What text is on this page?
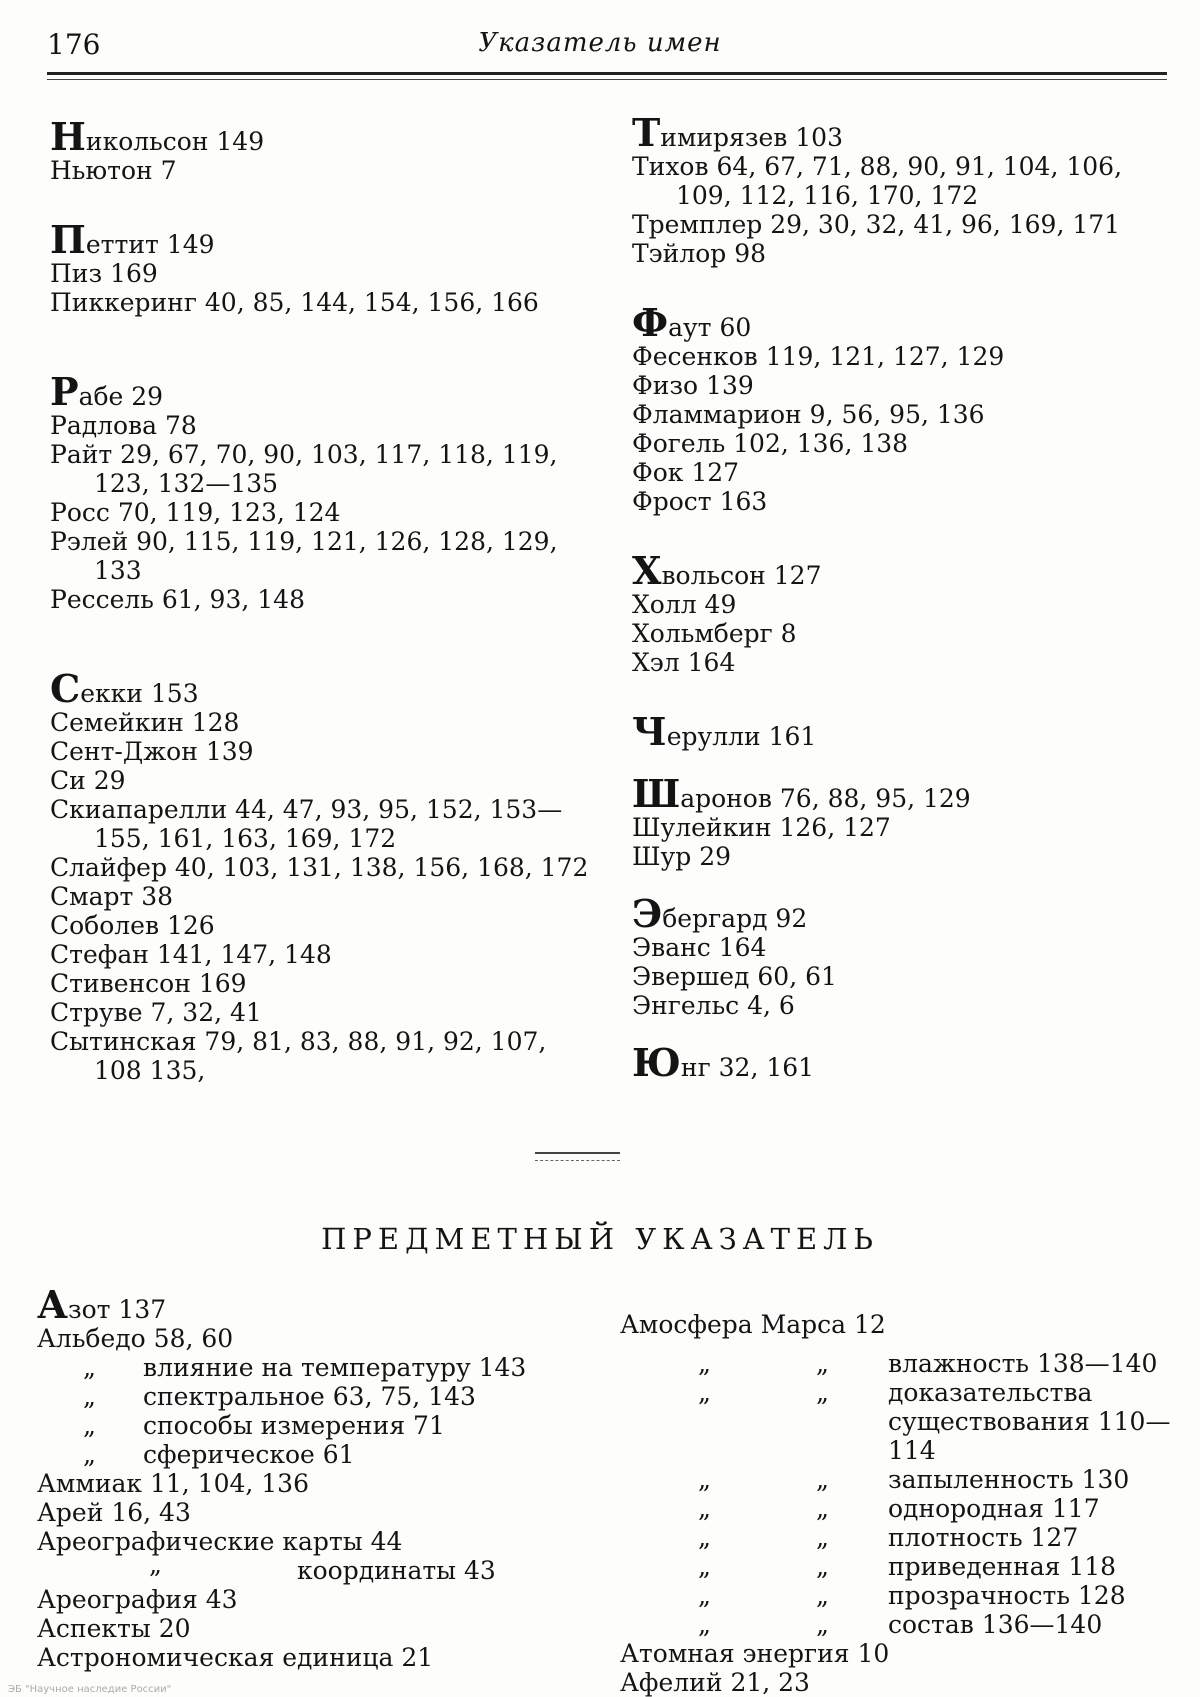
176	Указатель имен
Никольсон 149
Ньютон 7
Петтит 149
Пиз 169
Пиккеринг 40, 85, 144, 154, 156, 166
Рабе 29
Радлова 78
Райт 29, 67, 70, 90, 103, 117, 118, 119,
123, 132—135
Росс 70, 119, 123, 124
Рэлей 90, 115, 119, 121, 126, 128, 129,
133
Рессель 61, 93, 148
Секки 153
Семейкин 128
Сент-Джон 139
Си 29
Скиапарелли 44, 47, 93, 95, 152, 153—
155, 161, 163, 169, 172
Слайфер 40, 103, 131, 138, 156, 168, 172
Смарт 38
Соболев 126
Стефан 141, 147, 148
Стивенсон 169
Струве 7, 32, 41
Сытинская 79, 81, 83, 88, 91, 92, 107,
108 135,
Тимирязев 103
Тихов 64, 67, 71, 88, 90, 91, 104, 106,
109, 112, 116, 170, 172
Тремплер 29, 30, 32, 41, 96, 169, 171
Тэйлор 98
Фаут 60
Фесенков 119, 121, 127, 129
Физо 139
Фламмарион 9, 56, 95, 136
Фогель 102, 136, 138
Фок 127
Фрост 163
Хвольсон 127
Холл 49
Хольмберг 8
Хэл 164
Черулли 161
Шаронов 76, 88, 95, 129
Шулейкин 126, 127
Шур 29
Эбергард 92
Эванс 164
Эвершед 60, 61
Энгельс 4, 6
Юнг 32, 161
ПРЕДМЕТНЫЙ УКАЗАТЕЛЬ
Азот 137
Альбедо 58, 60
„ влияние на температуру 143
„ спектральное 63, 75, 143
„ способы измерения 71
„ сферическое 61
Аммиак 11, 104, 136
Арей 16, 43
Ареографические карты 44
„	координаты 43
Ареография 43
Аспекты 20
Астрономическая единица 21
Амосфера Марса 12
„	„ влажность 138—140
„	„ доказательства существования 110—114
„	„ запыленность 130
„	„ однородная 117
„	„ плотность 127
„	„ приведенная 118
„	„ прозрачность 128
„	„ состав 136—140
Атомная энергия 10
Афелий 21, 23
ЭБ "Научное наследие России"
